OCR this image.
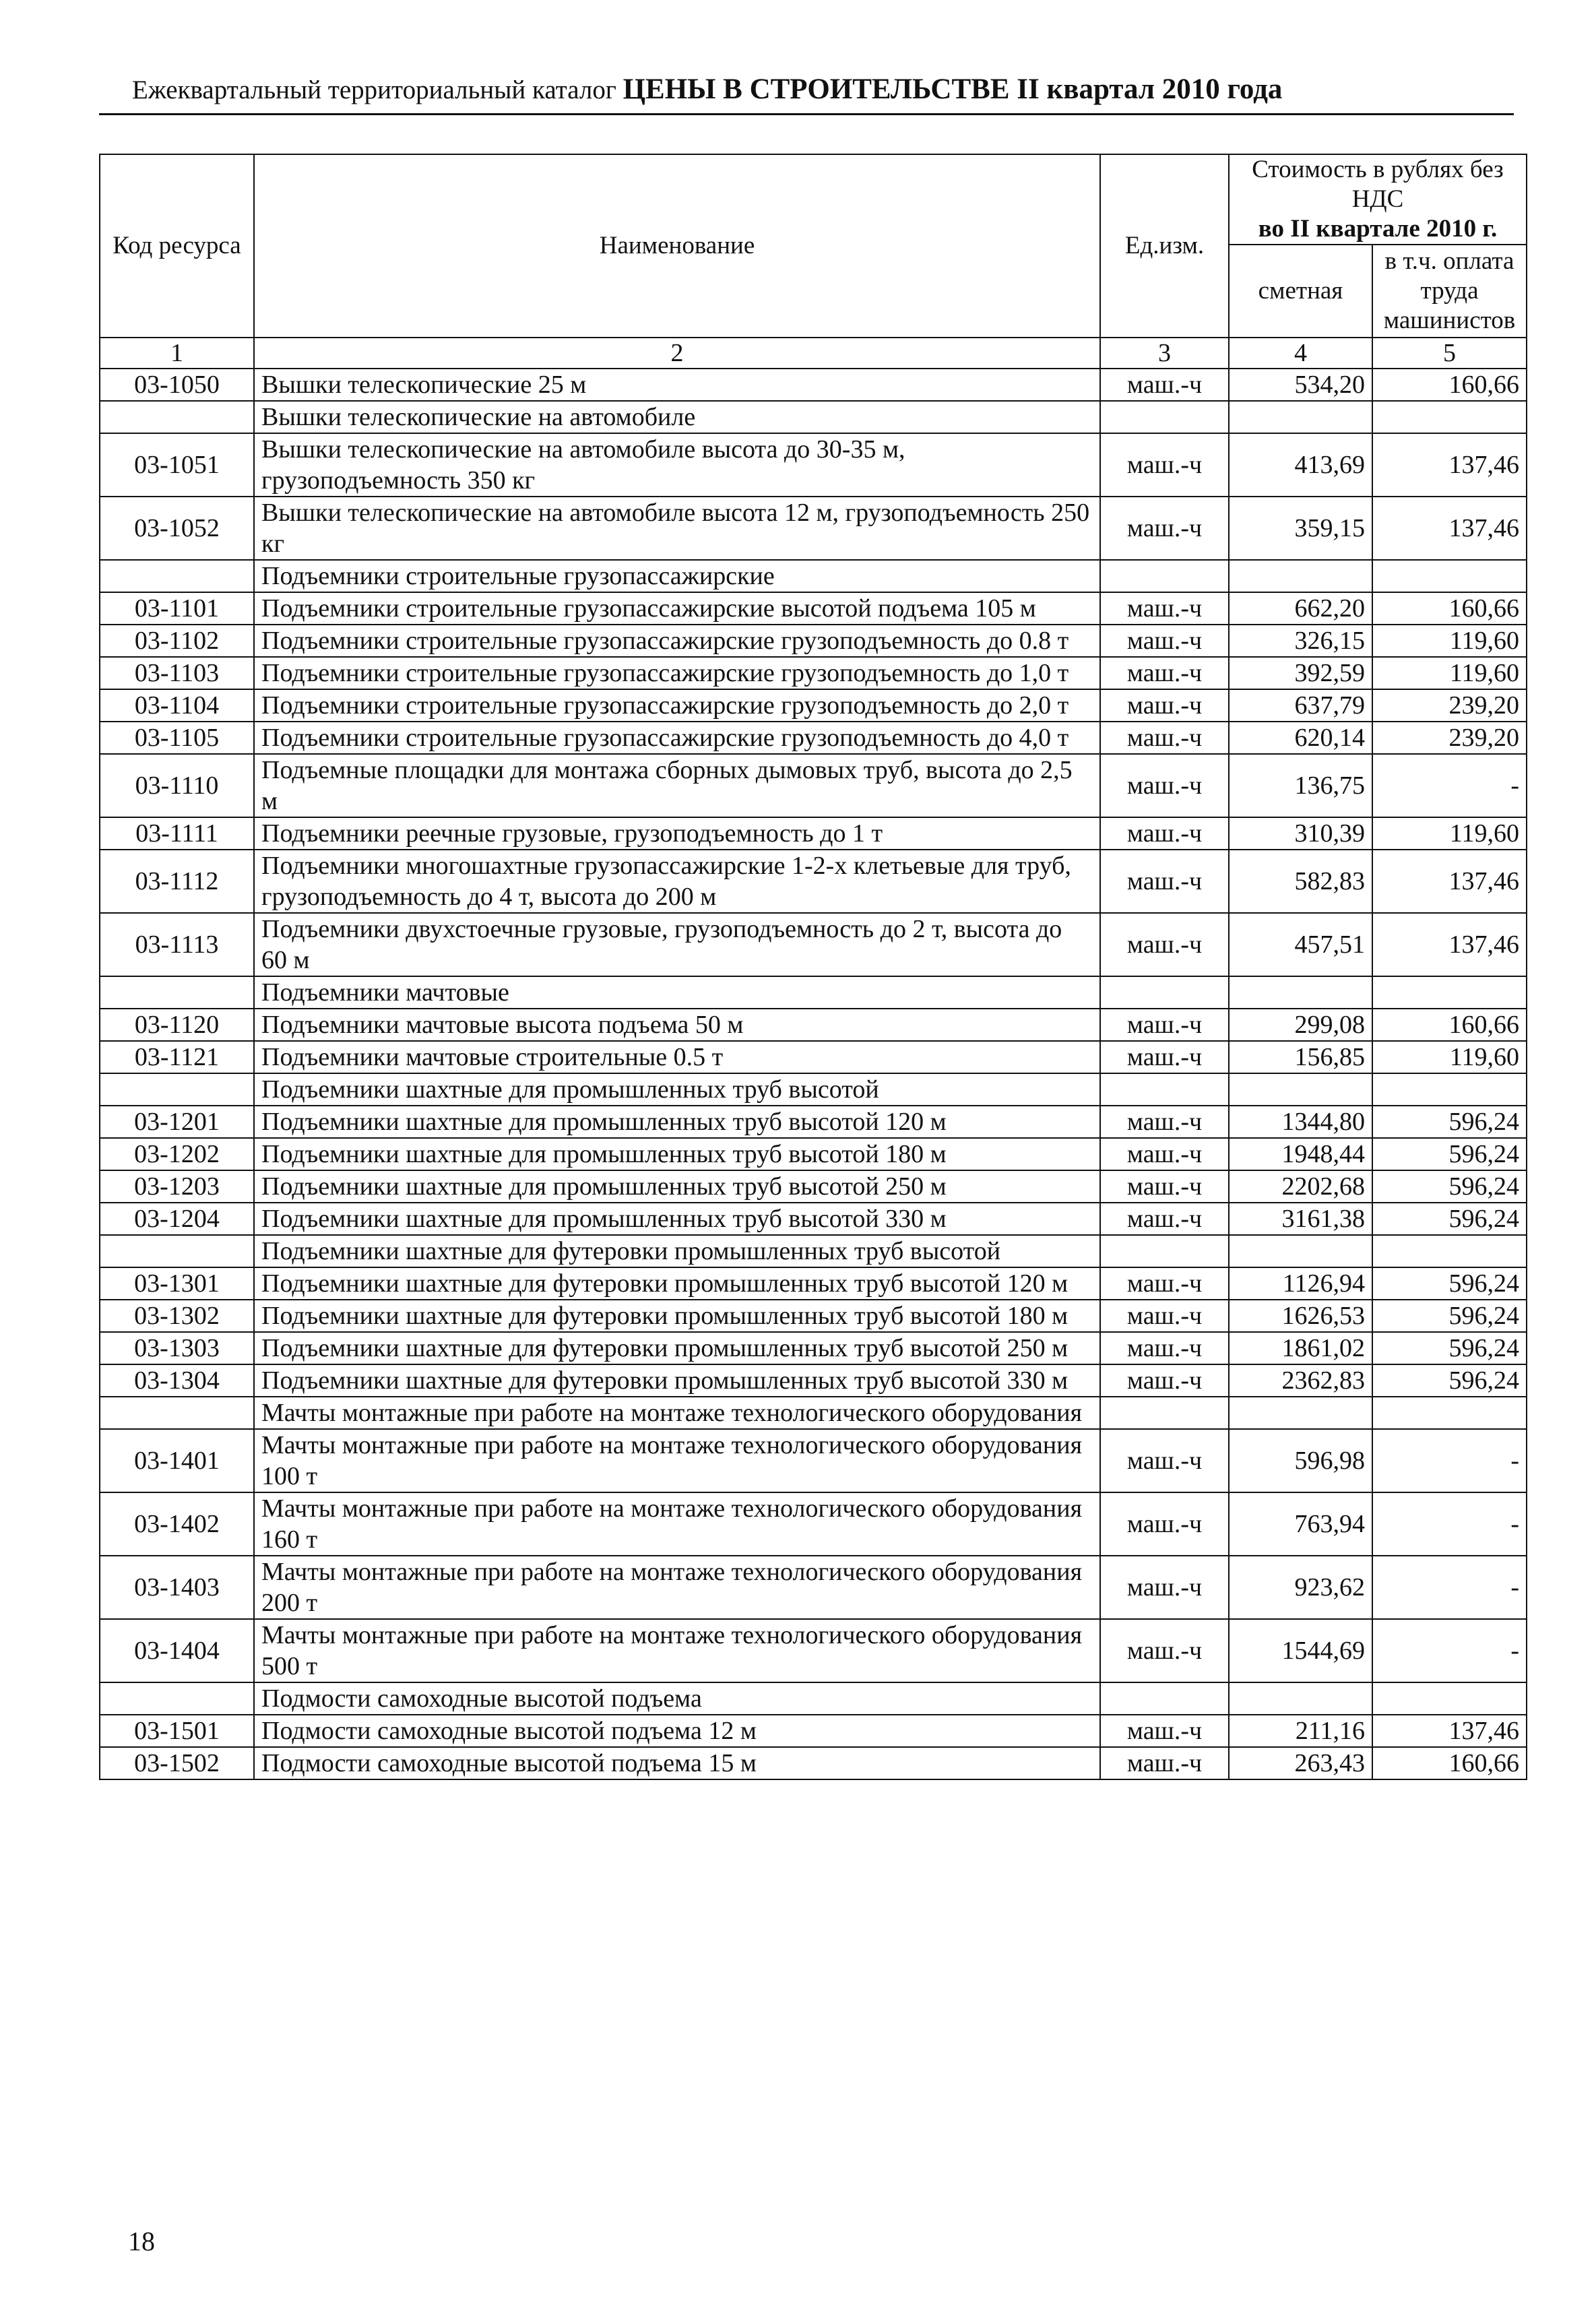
Ежеквартальный территориальный каталог ЦЕНЫ В СТРОИТЕЛЬСТВЕ II квартал 2010 года
Код ресурса	Наименование	Ед.изм.	Стоимость в рублях без НДС
во II квартале 2010 г.	

			сметная	в т.ч. оплата труда машинистов
1	2	3	4	5
03-1050	Вышки телескопические 25 м	маш.-ч	534,20	160,66
	Вышки телескопические на автомобиле			
03-1051	Вышки телескопические на автомобиле высота до 30-35 м, грузоподъемность 350 кг	маш.-ч	413,69	137,46
03-1052	Вышки телескопические на автомобиле высота 12 м, грузоподъемность 250 кг	маш.-ч	359,15	137,46
	Подъемники строительные грузопассажирские			
03-1101	Подъемники строительные грузопассажирские высотой подъема 105 м	маш.-ч	662,20	160,66
03-1102	Подъемники строительные грузопассажирские грузоподъемность до 0.8 т	маш.-ч	326,15	119,60
03-1103	Подъемники строительные грузопассажирские грузоподъемность до 1,0 т	маш.-ч	392,59	119,60
03-1104	Подъемники строительные грузопассажирские грузоподъемность до 2,0 т	маш.-ч	637,79	239,20
03-1105	Подъемники строительные грузопассажирские грузоподъемность до 4,0 т	маш.-ч	620,14	239,20
03-1110	Подъемные площадки для монтажа сборных дымовых труб, высота до 2,5 м	маш.-ч	136,75	-
03-1111	Подъемники реечные грузовые, грузоподъемность до 1 т	маш.-ч	310,39	119,60
03-1112	Подъемники многошахтные грузопассажирские 1-2-х клетьевые для труб, грузоподъемность до 4 т, высота до 200 м	маш.-ч	582,83	137,46
03-1113	Подъемники двухстоечные грузовые, грузоподъемность до 2 т, высота до 60 м	маш.-ч	457,51	137,46
	Подъемники мачтовые			
03-1120	Подъемники мачтовые высота подъема 50 м	маш.-ч	299,08	160,66
03-1121	Подъемники мачтовые строительные 0.5 т	маш.-ч	156,85	119,60
	Подъемники шахтные для промышленных труб высотой			
03-1201	Подъемники шахтные для промышленных труб высотой 120 м	маш.-ч	1344,80	596,24
03-1202	Подъемники шахтные для промышленных труб высотой 180 м	маш.-ч	1948,44	596,24
03-1203	Подъемники шахтные для промышленных труб высотой 250 м	маш.-ч	2202,68	596,24
03-1204	Подъемники шахтные для промышленных труб высотой 330 м	маш.-ч	3161,38	596,24
	Подъемники шахтные для футеровки промышленных труб высотой			
03-1301	Подъемники шахтные для футеровки промышленных труб высотой 120 м	маш.-ч	1126,94	596,24
03-1302	Подъемники шахтные для футеровки промышленных труб высотой 180 м	маш.-ч	1626,53	596,24
03-1303	Подъемники шахтные для футеровки промышленных труб высотой 250 м	маш.-ч	1861,02	596,24
03-1304	Подъемники шахтные для футеровки промышленных труб высотой 330 м	маш.-ч	2362,83	596,24
	Мачты монтажные при работе на монтаже технологического оборудования			
03-1401	Мачты монтажные при работе на монтаже технологического оборудования 100 т	маш.-ч	596,98	-
03-1402	Мачты монтажные при работе на монтаже технологического оборудования 160 т	маш.-ч	763,94	-
03-1403	Мачты монтажные при работе на монтаже технологического оборудования 200 т	маш.-ч	923,62	-
03-1404	Мачты монтажные при работе на монтаже технологического оборудования 500 т	маш.-ч	1544,69	-
	Подмости самоходные высотой подъема			
03-1501	Подмости самоходные высотой подъема 12 м	маш.-ч	211,16	137,46
03-1502	Подмости самоходные высотой подъема 15 м	маш.-ч	263,43	160,66
18
